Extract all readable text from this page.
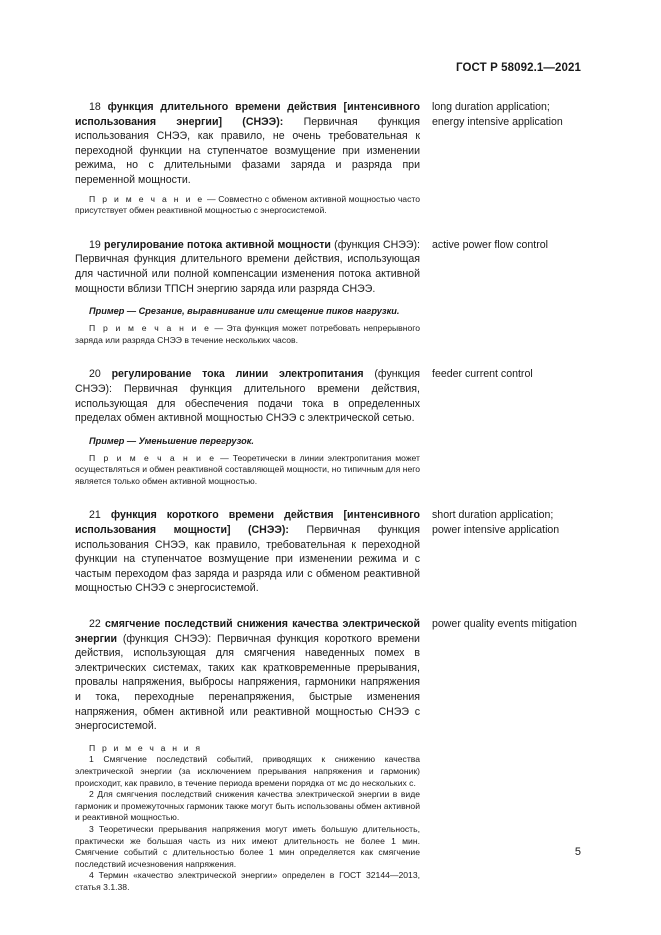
ГОСТ Р 58092.1—2021

18 функция длительного времени действия [интенсивного использования энергии] (СНЭЭ): Первичная функция использования СНЭЭ, как правило, не очень требовательная к переходной функции на ступенчатое возмущение при изменении режима, но с длительными фазами заряда и разряда при переменной мощности.

П р и м е ч а н и е — Совместно с обменом активной мощностью часто присутствует обмен реактивной мощностью с энергосистемой.

long duration application; energy intensive application

19 регулирование потока активной мощности (функция СНЭЭ): Первичная функция длительного времени действия, использующая для частичной или полной компенсации изменения потока активной мощности вблизи ТПСН энергию заряда или разряда СНЭЭ.

Пример — Срезание, выравнивание или смещение пиков нагрузки.

П р и м е ч а н и е — Эта функция может потребовать непрерывного заряда или разряда СНЭЭ в течение нескольких часов.

active power flow control

20 регулирование тока линии электропитания (функция СНЭЭ): Первичная функция длительного времени действия, использующая для обеспечения подачи тока в определенных пределах обмен активной мощностью СНЭЭ с электрической сетью.

Пример — Уменьшение перегрузок.

П р и м е ч а н и е — Теоретически в линии электропитания может осуществляться и обмен реактивной составляющей мощности, но типичным для него является только обмен активной мощностью.

feeder current control

21 функция короткого времени действия [интенсивного использования мощности] (СНЭЭ): Первичная функция использования СНЭЭ, как правило, требовательная к переходной функции на ступенчатое возмущение при изменении режима и с частым переходом фаз заряда и разряда или с обменом реактивной мощностью СНЭЭ с энергосистемой.

short duration application; power intensive application

22 смягчение последствий снижения качества электрической энергии (функция СНЭЭ): Первичная функция короткого времени действия, использующая для смягчения наведенных помех в электрических системах, таких как кратковременные прерывания, провалы напряжения, выбросы напряжения, гармоники напряжения и тока, переходные перенапряжения, быстрые изменения напряжения, обмен активной или реактивной мощностью СНЭЭ с энергосистемой.

П р и м е ч а н и я

1 Смягчение последствий событий, приводящих к снижению качества электрической энергии (за исключением прерывания напряжения и гармоник) происходит, как правило, в течение периода времени порядка от мс до нескольких с.

2 Для смягчения последствий снижения качества электрической энергии в виде гармоник и промежуточных гармоник также могут быть использованы обмен активной и реактивной мощностью.

3 Теоретически прерывания напряжения могут иметь большую длительность, практически же большая часть из них имеют длительность не более 1 мин. Смягчение событий с длительностью более 1 мин определяется как смягчение последствий исчезновения напряжения.

4 Термин «качество электрической энергии» определен в ГОСТ 32144—2013, статья 3.1.38.

power quality events mitigation
5
